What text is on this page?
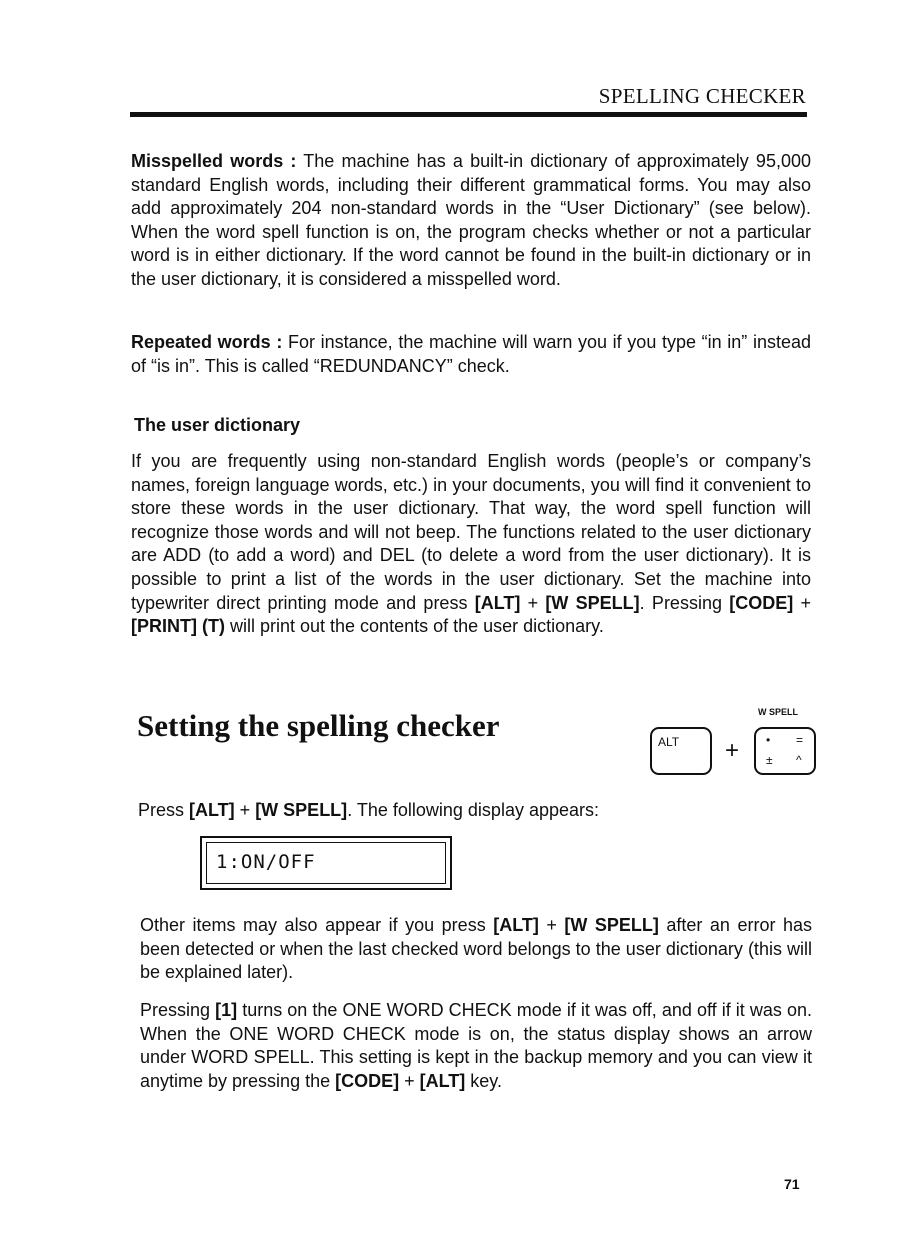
SPELLING CHECKER

Misspelled words : The machine has a built-in dictionary of approximately 95,000 standard English words, including their different grammatical forms. You may also add approximately 204 non-standard words in the “User Dictionary” (see below). When the word spell function is on, the program checks whether or not a particular word is in either dictionary. If the word cannot be found in the built-in dictionary or in the user dictionary, it is considered a misspelled word.

Repeated words : For instance, the machine will warn you if you type “in in” instead of “is in”. This is called “REDUNDANCY” check.

The user dictionary

If you are frequently using non-standard English words (people’s or company’s names, foreign language words, etc.) in your documents, you will find it convenient to store these words in the user dictionary. That way, the word spell function will recognize those words and will not beep. The functions related to the user dictionary are ADD (to add a word) and DEL (to delete a word from the user dictionary). It is possible to print a list of the words in the user dictionary. Set the machine into typewriter direct printing mode and press [ALT] + [W SPELL]. Pressing [CODE] + [PRINT] (T) will print out the contents of the user dictionary.

Setting the spelling checker	ALT +
W SPELL
• =
± ^

Press [ALT] + [W SPELL]. The following display appears:

1:ON/OFF

Other items may also appear if you press [ALT] + [W SPELL] after an error has been detected or when the last checked word belongs to the user dictionary (this will be explained later).

Pressing [1] turns on the ONE WORD CHECK mode if it was off, and off if it was on. When the ONE WORD CHECK mode is on, the status display shows an arrow under WORD SPELL. This setting is kept in the backup memory and you can view it anytime by pressing the [CODE] + [ALT] key.

71
